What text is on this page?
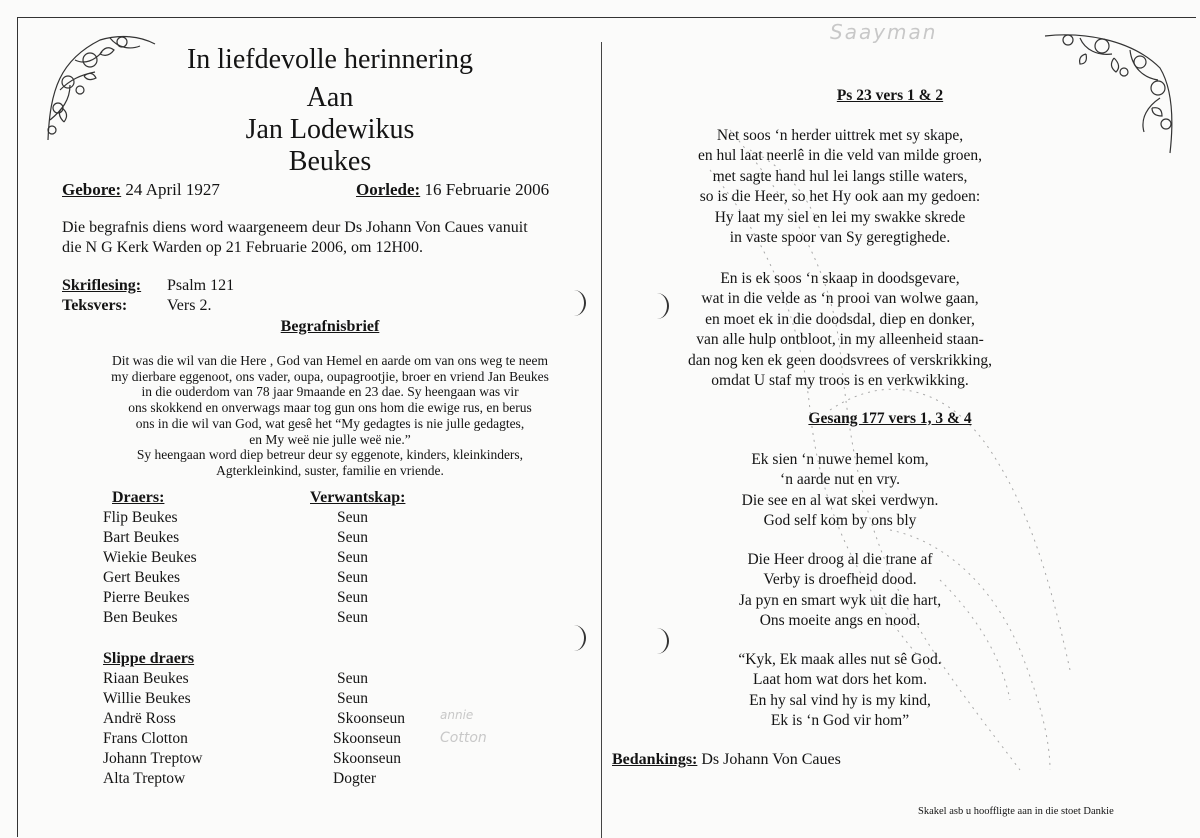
In liefdevolle herinnering
Aan
Jan Lodewikus
Beukes
Gebore: 24 April 1927	Oorlede: 16 Februarie 2006
Die begrafnis diens word waargeneem deur Ds Johann Von Caues vanuit
die N G Kerk Warden op 21 Februarie 2006, om 12H00.
Skriflesing: Psalm 121
Teksvers: Vers 2.
Begrafnisbrief
Dit was die wil van die Here , God van Hemel en aarde om van ons weg te neem
my dierbare eggenoot, ons vader, oupa, oupagrootjie, broer en vriend Jan Beukes
in die ouderdom van 78 jaar 9maande en 23 dae. Sy heengaan was vir
ons skokkend en onverwags maar tog gun ons hom die ewige rus, en berus
ons in die wil van God, wat gesê het “My gedagtes is nie julle gedagtes,
en My weë nie julle weë nie.”
Sy heengaan word diep betreur deur sy eggenote, kinders, kleinkinders,
Agterkleinkind, suster, familie en vriende.
Draers:	Verwantskap:
Flip Beukes	Seun
Bart Beukes	Seun
Wiekie Beukes	Seun
Gert Beukes	Seun
Pierre Beukes	Seun
Ben Beukes	Seun
Slippe draers
Riaan Beukes	Seun
Willie Beukes	Seun
Andrë Ross	Skoonseun
Frans Clotton	Skoonseun
Johann Treptow	Skoonseun
Alta Treptow	Dogter
annie
Cotton
Saayman
Ps 23 vers 1 & 2
Net soos ‘n herder uittrek met sy skape,
en hul laat neerlê in die veld van milde groen,
met sagte hand hul lei langs stille waters,
so is die Heer, so het Hy ook aan my gedoen:
Hy laat my siel en lei my swakke skrede
in vaste spoor van Sy geregtighede.
En is ek soos ‘n skaap in doodsgevare,
wat in die velde as ‘n prooi van wolwe gaan,
en moet ek in die doodsdal, diep en donker,
van alle hulp ontbloot, in my alleenheid staan-
dan nog ken ek geen doodsvrees of verskrikking,
omdat U staf my troos is en verkwikking.
Gesang 177 vers 1, 3 & 4
Ek sien ‘n nuwe hemel kom,
‘n aarde nut en vry.
Die see en al wat skei verdwyn.
God self kom by ons bly
Die Heer droog al die trane af
Verby is droefheid dood.
Ja pyn en smart wyk uit die hart,
Ons moeite angs en nood.
“Kyk, Ek maak alles nut sê God.
Laat hom wat dors het kom.
En hy sal vind hy is my kind,
Ek is ‘n God vir hom”
Bedankings: Ds Johann Von Caues
Skakel asb u hooffligte aan in die stoet Dankie
